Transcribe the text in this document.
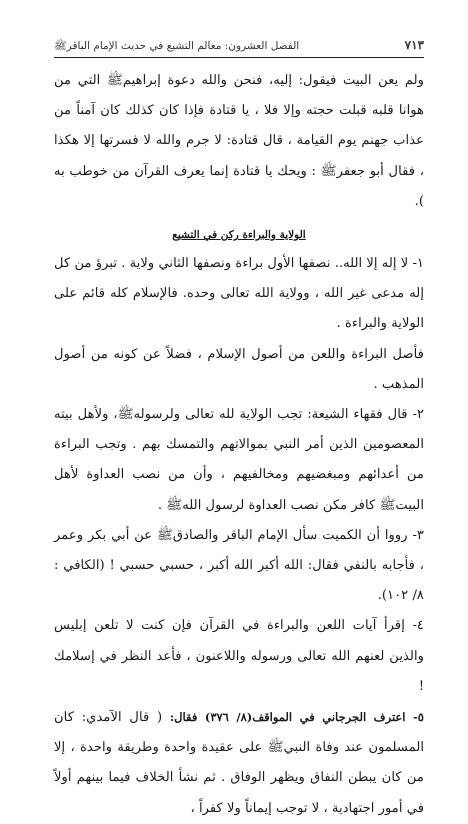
٧١٣
الفصل العشرون: معالم التشيع في حديث الإمام الباقرﷺ

ولم يعن البيت فيقول: إليه، فنحن والله دعوة إبراهيمﷺ التي من هوانا قلبه قبلت حجته وإلا فلا ، يا قتادة فإذا كان كذلك كان آمناً من عذاب جهنم يوم القيامة ، قال قتادة: لا جرم والله لا فسرتها إلا هكذا ، فقال أبو جعفرﷺ : ويحك يا قتادة إنما يعرف القرآن من خوطب به ).

الولاية والبراءة ركن في التشيع

١- لا إله إلا الله.. نصفها الأول براءة ونصفها الثاني ولاية . تبرؤ من كل إله مدعى غير الله ، وولاية الله تعالى وحده. فالإسلام كله قائم على الولاية والبراءة .

فأصل البراءة واللعن من أصول الإسلام ، فضلاً عن كونه من أصول المذهب .

٢- قال فقهاء الشيعة: تجب الولاية لله تعالى ولرسولهﷺ، ولأهل بيته المعصومين الذين أمر النبي بموالاتهم والتمسك بهم . وتجب البراءة من أعدائهم ومبغضيهم ومخالفيهم ، وأن من نصب العداوة لأهل البيتﷺ كافر مكن نصب العداوة لرسول اللهﷺ .

٣- رووا أن الكميت سأل الإمام الباقر والصادقﷺ عن أبي بكر وعمر ، فأجابه بالنفي فقال: الله أكبر الله أكبر ، حسبي حسبي ! (الكافي : ٨/ ١٠٢).

٤- إقرأ آيات اللعن والبراءة في القرآن فإن كنت لا تلعن إبليس والذين لعنهم الله تعالى ورسوله واللاعنون ، فأعد النظر في إسلامك !

٥- اعترف الجرجاني في المواقف(٨/ ٣٧٦) فقال: ( قال الآمدي: كان المسلمون عند وفاة النبيﷺ على عقيدة واحدة وطريقة واحدة ، إلا من كان يبطن النفاق ويظهر الوفاق . ثم نشأ الخلاف فيما بينهم أولاً في أمور اجتهادية ، لا توجب إيماناً ولا كفراً ،
